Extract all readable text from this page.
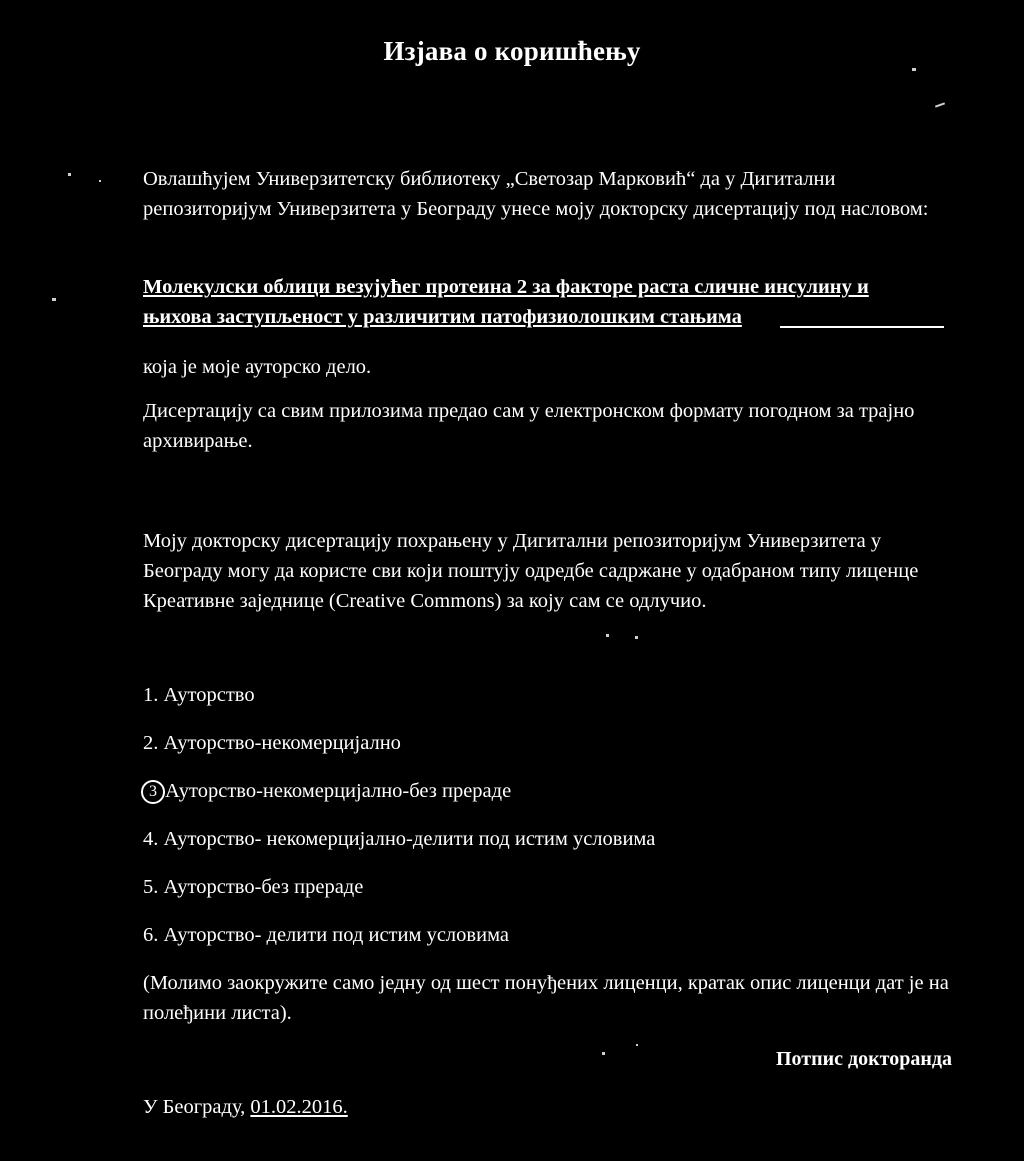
Изјава о коришћењу
Овлашћујем Универзитетску библиотеку „Светозар Марковић“ да у Дигитални репозиторијум Универзитета у Београду унесе моју докторску дисертацију под насловом:
Молекулски облици везујућег протеина 2 за факторе раста сличне инсулину и
њихова заступљеност у различитим патофизиолошким стањима
која је моје ауторско дело.
Дисертацију са свим прилозима предао сам у електронском формату погодном за трајно архивирање.
Моју докторску дисертацију похрањену у Дигитални репозиторијум Универзитета у Београду могу да користе сви који поштују одредбе садржане у одабраном типу лиценце Креативне заједнице (Creative Commons) за коју сам се одлучио.
1. Ауторство
2. Ауторство-некомерцијално
3 Ауторство-некомерцијално-без прераде
4. Ауторство- некомерцијално-делити под истим условима
5. Ауторство-без прераде
6. Ауторство- делити под истим условима
(Молимо заокружите само једну од шест понуђених лиценци, кратак опис лиценци дат је на полеђини листа).
Потпис докторанда
У Београду, 01.02.2016.
